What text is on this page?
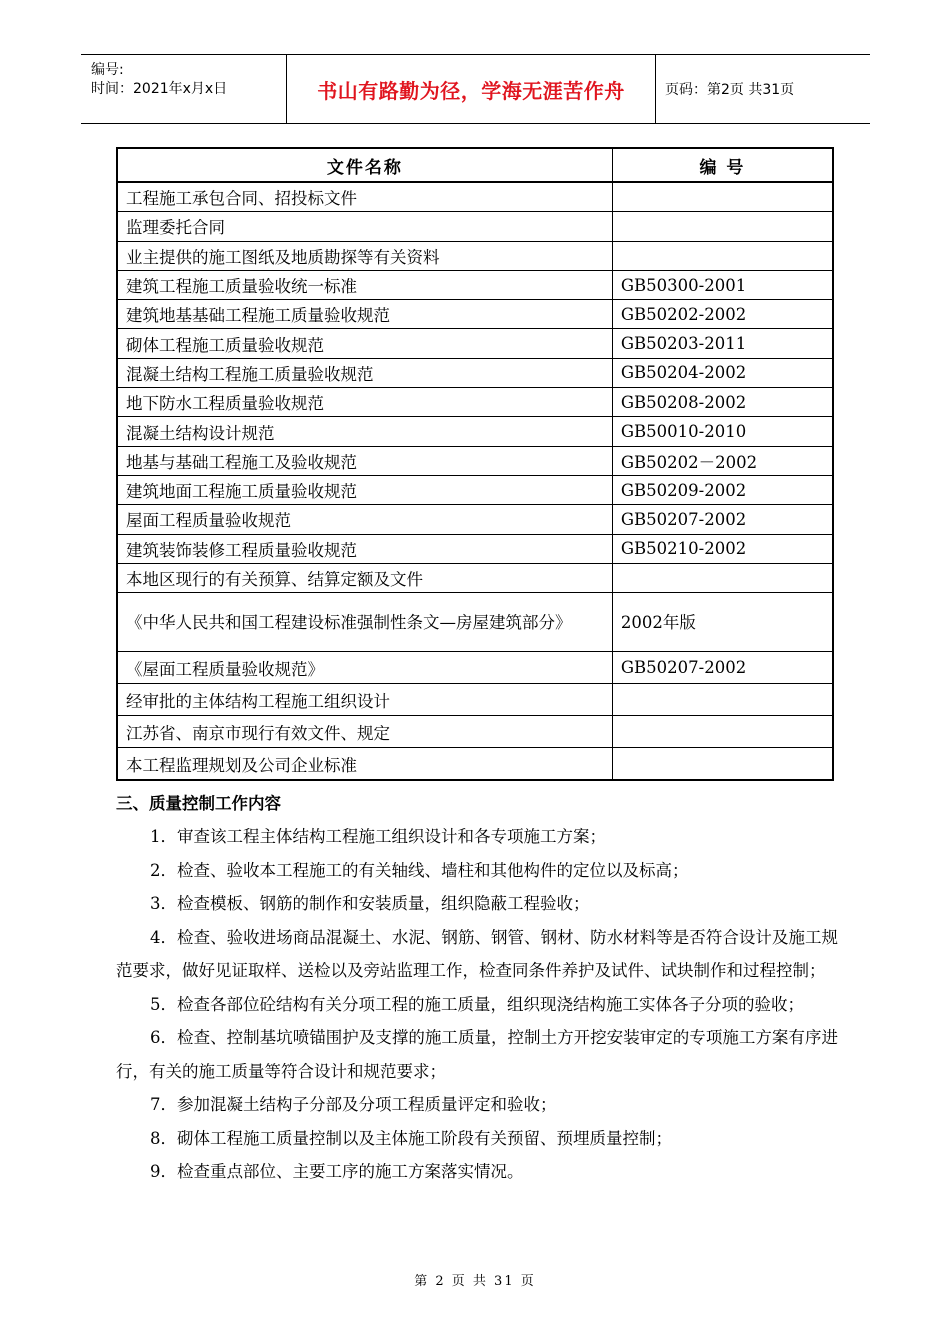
编号:
时间：2021年x月x日	书山有路勤为径，学海无涯苦作舟	页码：第2页 共31页
文件名称	编 号
工程施工承包合同、招投标文件	
监理委托合同	
业主提供的施工图纸及地质勘探等有关资料	
建筑工程施工质量验收统一标准	GB50300-2001
建筑地基基础工程施工质量验收规范	GB50202-2002
砌体工程施工质量验收规范	GB50203-2011
混凝土结构工程施工质量验收规范	GB50204-2002
地下防水工程质量验收规范	GB50208-2002
混凝土结构设计规范	GB50010-2010
地基与基础工程施工及验收规范	GB50202－2002
建筑地面工程施工质量验收规范	GB50209-2002
屋面工程质量验收规范	GB50207-2002
建筑装饰装修工程质量验收规范	GB50210-2002
本地区现行的有关预算、结算定额及文件	
《中华人民共和国工程建设标准强制性条文—房屋建筑部分》	2002年版
《屋面工程质量验收规范》	GB50207-2002
经审批的主体结构工程施工组织设计	
江苏省、南京市现行有效文件、规定	
本工程监理规划及公司企业标准	
三、质量控制工作内容

1．审查该工程主体结构工程施工组织设计和各专项施工方案；

2．检查、验收本工程施工的有关轴线、墙柱和其他构件的定位以及标高；

3．检查模板、钢筋的制作和安装质量，组织隐蔽工程验收；

4．检查、验收进场商品混凝土、水泥、钢筋、钢管、钢材、防水材料等是否符合设计及施工规范要求，做好见证取样、送检以及旁站监理工作，检查同条件养护及试件、试块制作和过程控制；

5．检查各部位砼结构有关分项工程的施工质量，组织现浇结构施工实体各子分项的验收；

6．检查、控制基坑喷锚围护及支撑的施工质量，控制土方开挖安装审定的专项施工方案有序进行，有关的施工质量等符合设计和规范要求；

7．参加混凝土结构子分部及分项工程质量评定和验收；

8．砌体工程施工质量控制以及主体施工阶段有关预留、预埋质量控制；

9．检查重点部位、主要工序的施工方案落实情况。

第 2 页 共 31 页
